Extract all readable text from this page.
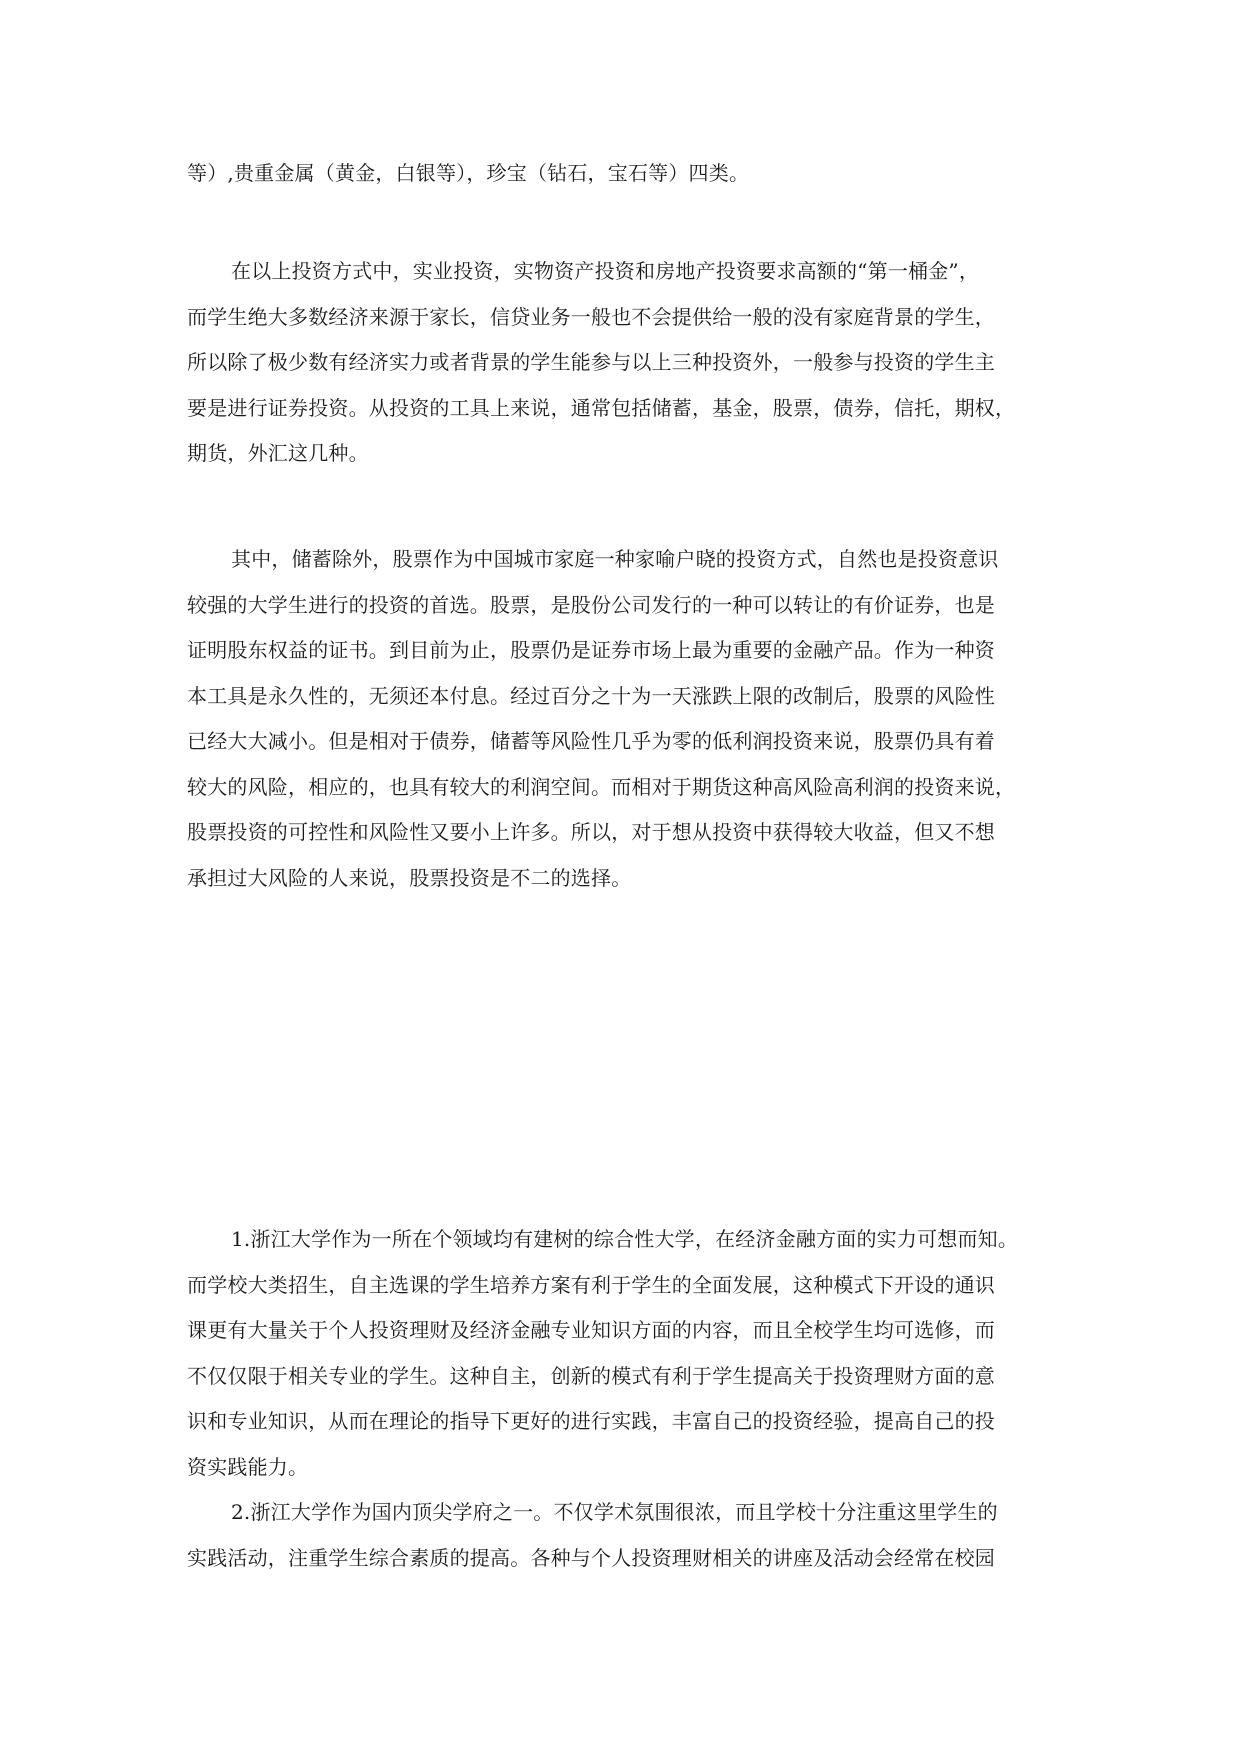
等）,贵重金属（黄金，白银等），珍宝（钻石，宝石等）四类。
在以上投资方式中，实业投资，实物资产投资和房地产投资要求高额的“第一桶金”，
而学生绝大多数经济来源于家长，信贷业务一般也不会提供给一般的没有家庭背景的学生，
所以除了极少数有经济实力或者背景的学生能参与以上三种投资外，一般参与投资的学生主
要是进行证券投资。从投资的工具上来说，通常包括储蓄，基金，股票，债券，信托，期权，
期货，外汇这几种。
其中，储蓄除外，股票作为中国城市家庭一种家喻户晓的投资方式，自然也是投资意识
较强的大学生进行的投资的首选。股票，是股份公司发行的一种可以转让的有价证券，也是
证明股东权益的证书。到目前为止，股票仍是证券市场上最为重要的金融产品。作为一种资
本工具是永久性的，无须还本付息。经过百分之十为一天涨跌上限的改制后，股票的风险性
已经大大减小。但是相对于债券，储蓄等风险性几乎为零的低利润投资来说，股票仍具有着
较大的风险，相应的，也具有较大的利润空间。而相对于期货这种高风险高利润的投资来说，
股票投资的可控性和风险性又要小上许多。所以，对于想从投资中获得较大收益，但又不想
承担过大风险的人来说，股票投资是不二的选择。
1.浙江大学作为一所在个领域均有建树的综合性大学，在经济金融方面的实力可想而知。
而学校大类招生，自主选课的学生培养方案有利于学生的全面发展，这种模式下开设的通识
课更有大量关于个人投资理财及经济金融专业知识方面的内容，而且全校学生均可选修，而
不仅仅限于相关专业的学生。这种自主，创新的模式有利于学生提高关于投资理财方面的意
识和专业知识，从而在理论的指导下更好的进行实践，丰富自己的投资经验，提高自己的投
资实践能力。
2.浙江大学作为国内顶尖学府之一。不仅学术氛围很浓，而且学校十分注重这里学生的
实践活动，注重学生综合素质的提高。各种与个人投资理财相关的讲座及活动会经常在校园
